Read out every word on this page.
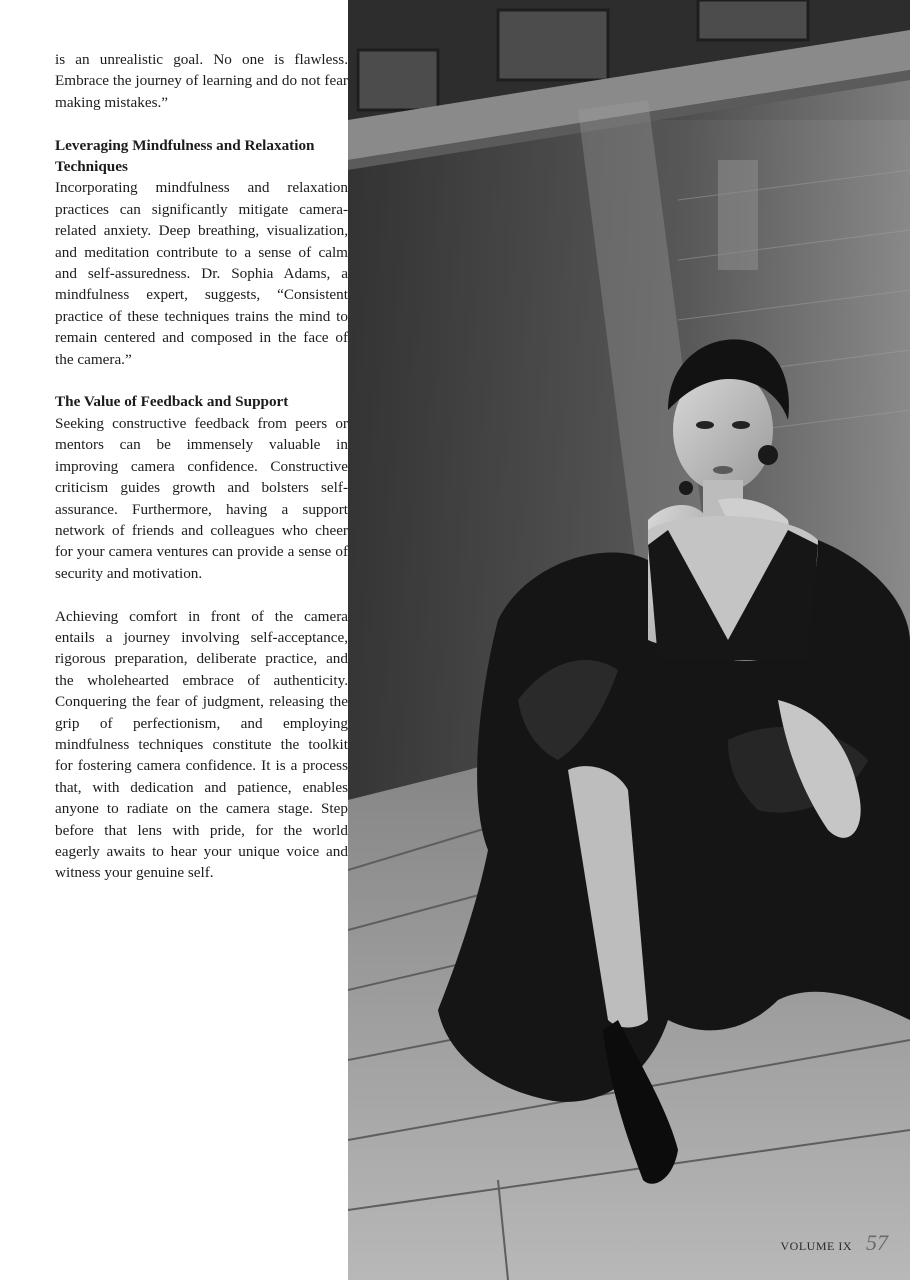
is an unrealistic goal. No one is flawless. Embrace the journey of learning and do not fear making mistakes.”

Leveraging Mindfulness and Relaxation Techniques

Incorporating mindfulness and relaxation practices can significantly mitigate camera-related anxiety. Deep breathing, visualization, and meditation contribute to a sense of calm and self-assuredness. Dr. Sophia Adams, a mindfulness expert, suggests, “Consistent practice of these techniques trains the mind to remain centered and composed in the face of the camera.”

The Value of Feedback and Support

Seeking constructive feedback from peers or mentors can be immensely valuable in improving camera confidence. Constructive criticism guides growth and bolsters self-assurance. Furthermore, having a support network of friends and colleagues who cheer for your camera ventures can provide a sense of security and motivation.

Achieving comfort in front of the camera entails a journey involving self-acceptance, rigorous preparation, deliberate practice, and the wholehearted embrace of authenticity. Conquering the fear of judgment, releasing the grip of perfectionism, and employing mindfulness techniques constitute the toolkit for fostering camera confidence. It is a process that, with dedication and patience, enables anyone to radiate on the camera stage. Step before that lens with pride, for the world eagerly awaits to hear your unique voice and witness your genuine self.

VOLUME IX 57
